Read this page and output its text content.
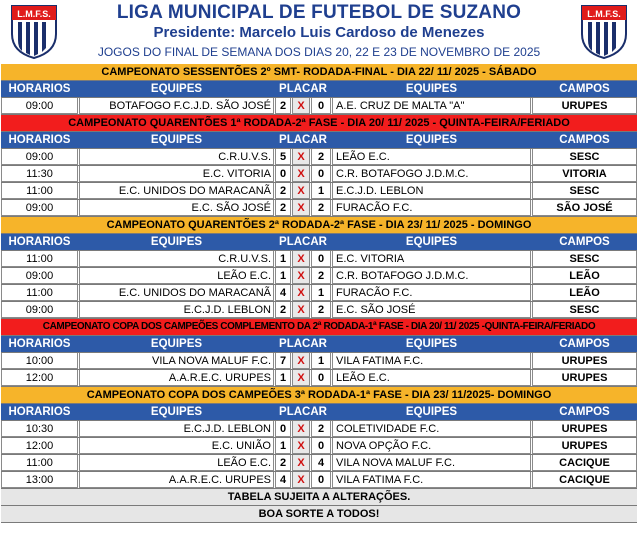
L.M.F.S.	LIGA MUNICIPAL DE FUTEBOL DE SUZANO
Presidente: Marcelo Luis Cardoso de Menezes
JOGOS DO FINAL DE SEMANA DOS DIAS 20, 22 E 23 DE NOVEMBRO DE 2025
L.M.F.S.
CAMPEONATO SESSENTÕES 2º SMT- RODADA-FINAL - DIA 22/ 11/ 2025 - SÁBADO
HORARIOS	EQUIPES	PLACAR	EQUIPES	CAMPOS
09:00	BOTAFOGO F.C.J.D. SÃO JOSÉ 2	X	0	A.E. CRUZ DE MALTA "A"	URUPES
CAMPEONATO QUARENTÕES 1ª RODADA-2ª FASE - DIA 20/ 11/ 2025 - QUINTA-FEIRA/FERIADO
HORARIOS	EQUIPES	PLACAR	EQUIPES	CAMPOS
09:00	C.R.U.V.S. 5	X	2	LEÃO E.C.	SESC
11:30	E.C. VITORIA 0	X	0	C.R. BOTAFOGO J.D.M.C.	VITORIA
11:00	E.C. UNIDOS DO MARACANÃ 2	X	1	E.C.J.D. LEBLON	SESC
09:00	E.C. SÃO JOSÉ 2	X	2	FURACÃO F.C.	SÃO JOSÉ
CAMPEONATO QUARENTÕES 2ª RODADA-2ª FASE - DIA 23/ 11/ 2025 - DOMINGO
HORARIOS	EQUIPES	PLACAR	EQUIPES	CAMPOS
11:00	C.R.U.V.S. 1	X	0	E.C. VITORIA	SESC
09:00	LEÃO E.C. 1	X	2	C.R. BOTAFOGO J.D.M.C.	LEÃO
11:00	E.C. UNIDOS DO MARACANÃ 4	X	1	FURACÃO F.C.	LEÃO
09:00	E.C.J.D. LEBLON 2	X	2	E.C. SÃO JOSÉ	SESC
CAMPEONATO COPA DOS CAMPEÕES COMPLEMENTO DA 2ª RODADA-1ª FASE - DIA 20/ 11/ 2025 -QUINTA-FEIRA/FERIADO
HORARIOS	EQUIPES	PLACAR	EQUIPES	CAMPOS
10:00	VILA NOVA MALUF F.C. 7	X	1	VILA FATIMA F.C.	URUPES
12:00	A.A.R.E.C. URUPES 1	X	0	LEÃO E.C.	URUPES
CAMPEONATO COPA DOS CAMPEÕES 3ª RODADA-1ª FASE - DIA 23/ 11/2025- DOMINGO
HORARIOS	EQUIPES	PLACAR	EQUIPES	CAMPOS
10:30	E.C.J.D. LEBLON 0	X	2	COLETIVIDADE F.C.	URUPES
12:00	E.C. UNIÃO 1	X	0	NOVA OPÇÃO F.C.	URUPES
11:00	LEÃO E.C. 2	X	4	VILA NOVA MALUF F.C.	CACIQUE
13:00	A.A.R.E.C. URUPES 4	X	0	VILA FATIMA F.C.	CACIQUE
TABELA SUJEITA A ALTERAÇÕES.
BOA SORTE A TODOS!
